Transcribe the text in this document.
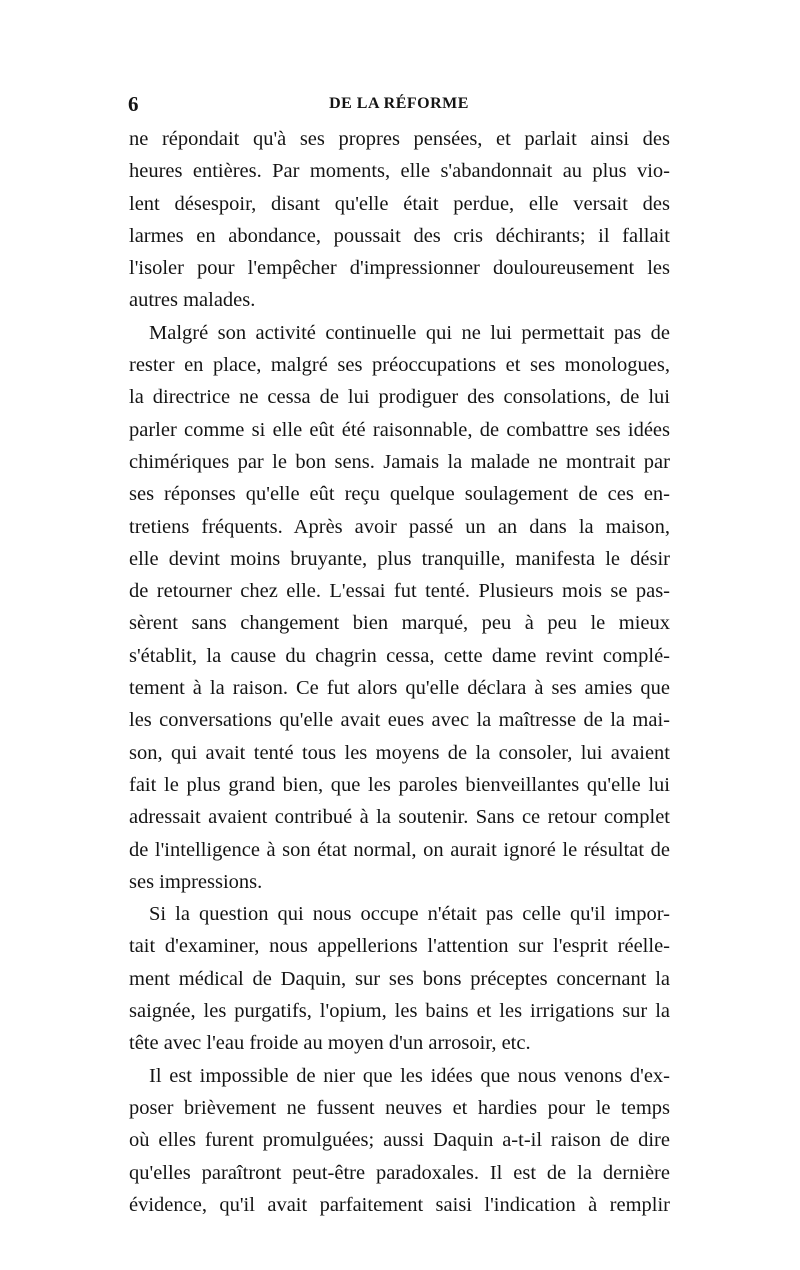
6	DE LA RÉFORME
ne répondait qu'à ses propres pensées, et parlait ainsi des
heures entières. Par moments, elle s'abandonnait au plus vio-
lent désespoir, disant qu'elle était perdue, elle versait des
larmes en abondance, poussait des cris déchirants; il fallait
l'isoler pour l'empêcher d'impressionner douloureusement les
autres malades.
Malgré son activité continuelle qui ne lui permettait pas de
rester en place, malgré ses préoccupations et ses monologues,
la directrice ne cessa de lui prodiguer des consolations, de lui
parler comme si elle eût été raisonnable, de combattre ses idées
chimériques par le bon sens. Jamais la malade ne montrait par
ses réponses qu'elle eût reçu quelque soulagement de ces en-
tretiens fréquents. Après avoir passé un an dans la maison,
elle devint moins bruyante, plus tranquille, manifesta le désir
de retourner chez elle. L'essai fut tenté. Plusieurs mois se pas-
sèrent sans changement bien marqué, peu à peu le mieux
s'établit, la cause du chagrin cessa, cette dame revint complé-
tement à la raison. Ce fut alors qu'elle déclara à ses amies que
les conversations qu'elle avait eues avec la maîtresse de la mai-
son, qui avait tenté tous les moyens de la consoler, lui avaient
fait le plus grand bien, que les paroles bienveillantes qu'elle lui
adressait avaient contribué à la soutenir. Sans ce retour complet
de l'intelligence à son état normal, on aurait ignoré le résultat de
ses impressions.
Si la question qui nous occupe n'était pas celle qu'il impor-
tait d'examiner, nous appellerions l'attention sur l'esprit réelle-
ment médical de Daquin, sur ses bons préceptes concernant la
saignée, les purgatifs, l'opium, les bains et les irrigations sur la
tête avec l'eau froide au moyen d'un arrosoir, etc.
Il est impossible de nier que les idées que nous venons d'ex-
poser brièvement ne fussent neuves et hardies pour le temps
où elles furent promulguées; aussi Daquin a-t-il raison de dire
qu'elles paraîtront peut-être paradoxales. Il est de la dernière
évidence, qu'il avait parfaitement saisi l'indication à remplir
